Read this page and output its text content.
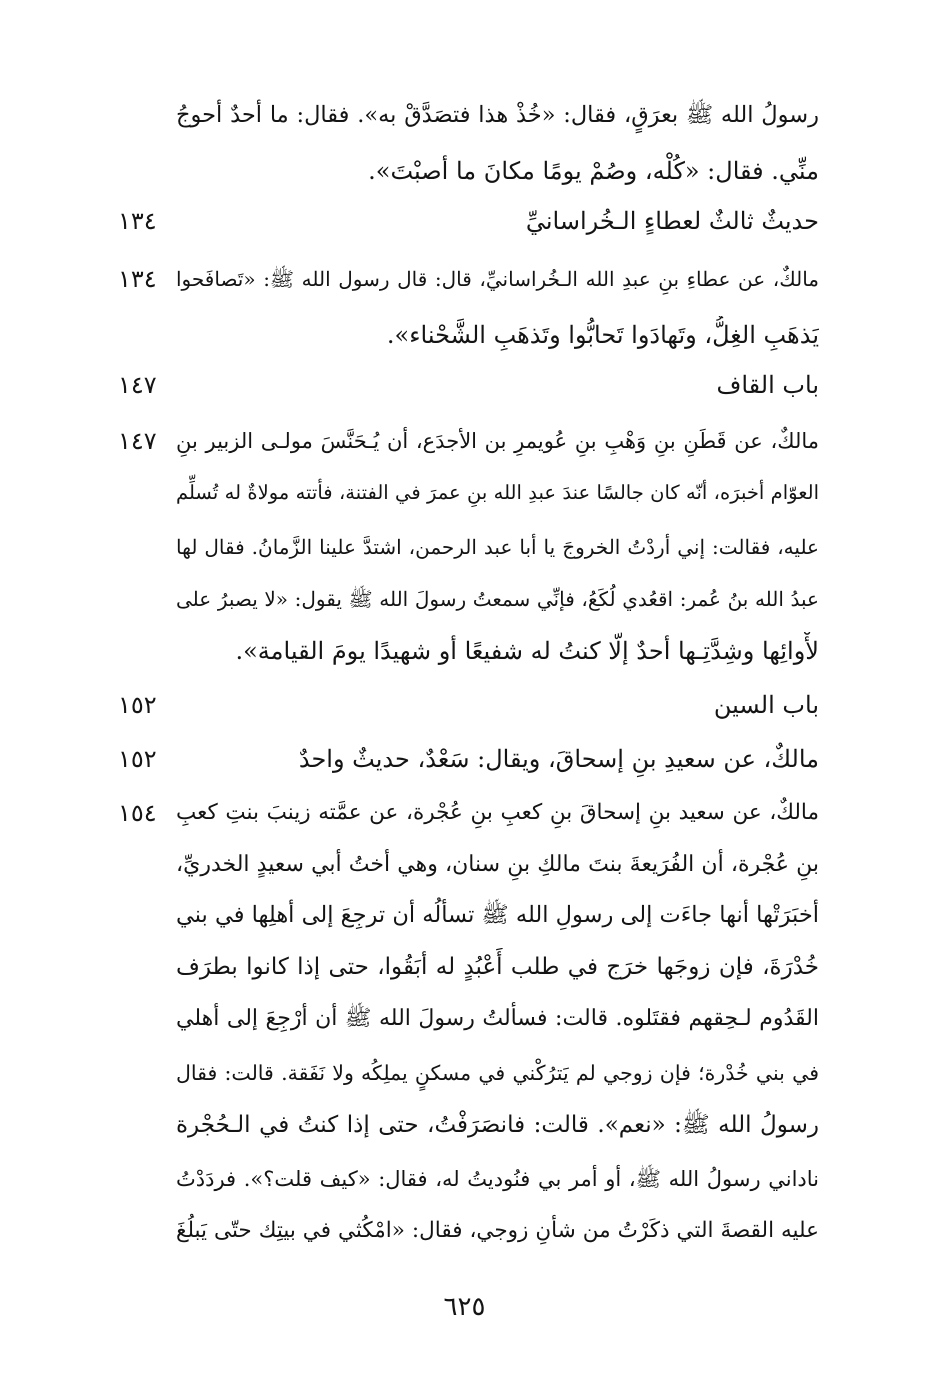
رسولُ الله ﷺ بعرَقٍ، فقال: «خُذْ هذا فتصَدَّقْ به». فقال: ما أحدٌ أحوجُ
منِّي. فقال: «كُلْه، وصُمْ يومًا مكانَ ما أصبْتَ».
حديثٌ ثالثٌ لعطاءٍ الـخُراسانيِّ
١٣٤
مالكٌ، عن عطاءِ بنِ عبدِ الله الـخُراسانيِّ، قال: قال رسول الله ﷺ: «تَصافَحوا
١٣٤
يَذهَبِ الغِلُّ، وتَهادَوا تَحابُّوا وتَذهَبِ الشَّحْناء».
باب القاف
١٤٧
مالكٌ، عن قَطَنِ بنِ وَهْبِ بنِ عُويمرِ بن الأجدَع، أن يُـحَنَّسَ مولـى الزبير بنِ
١٤٧
العوّام أخبرَه، أنّه كان جالسًا عندَ عبدِ الله بنِ عمرَ في الفتنة، فأتته مولاةٌ له تُسلِّم
عليه، فقالت: إني أردْتُ الخروجَ يا أبا عبد الرحمن، اشتدَّ علينا الزَّمانُ. فقال لها
عبدُ الله بنُ عُمر: اقعُدي لُكَعُ، فإنِّي سمعتُ رسولَ الله ﷺ يقول: «لا يصبرُ على
لأْوائِها وشِدَّتِـها أحدٌ إلّا كنتُ له شفيعًا أو شهيدًا يومَ القيامة».
باب السين
١٥٢
مالكٌ، عن سعيدِ بنِ إسحاقَ، ويقال: سَعْدٌ، حديثٌ واحدٌ
١٥٢
مالكٌ، عن سعيد بنِ إسحاقَ بنِ كعبِ بنِ عُجْرة، عن عمَّته زينبَ بنتِ كعبِ
١٥٤
بنِ عُجْرة، أن الفُرَيعةَ بنتَ مالكِ بنِ سنان، وهي أختُ أبي سعيدٍ الخدريِّ،
أخبَرَتْها أنها جاءَت إلى رسولِ الله ﷺ تسألُه أن ترجِعَ إلى أهلِها في بني
خُدْرَةَ، فإن زوجَها خرَج في طلب أَعْبُدٍ له أبَقُوا، حتى إذا كانوا بطرَف
القَدُوم لـحِقهم فقتَلوه. قالت: فسألتُ رسولَ الله ﷺ أن أرْجِعَ إلى أهلي
في بني خُدْرة؛ فإن زوجي لم يَترُكْني في مسكنٍ يملِكُه ولا نَفَقة. قالت: فقال
رسولُ الله ﷺ: «نعم». قالت: فانصَرَفْتُ، حتى إذا كنتُ في الـحُجْرة
ناداني رسولُ الله ﷺ، أو أمر بي فنُوديتُ له، فقال: «كيف قلت؟». فردَدْتُ
عليه القصةَ التي ذكَرْتُ من شأنِ زوجي، فقال: «امْكُثي في بيتِك حتّى يَبلُغَ
٦٢٥
